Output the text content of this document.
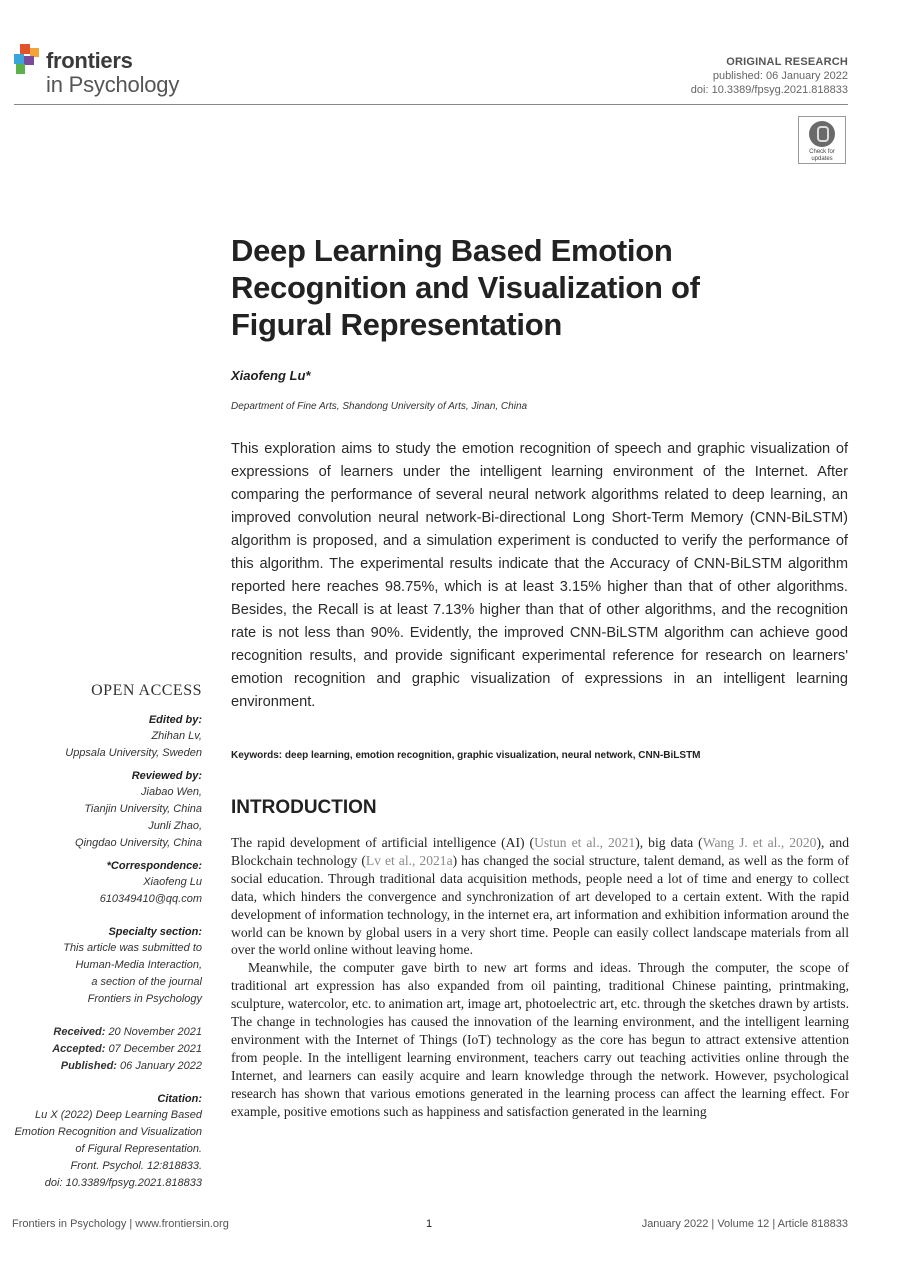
frontiers
in Psychology
ORIGINAL RESEARCH
published: 06 January 2022
doi: 10.3389/fpsyg.2021.818833
Check for updates
Deep Learning Based Emotion
Recognition and Visualization of
Figural Representation
Xiaofeng Lu*
Department of Fine Arts, Shandong University of Arts, Jinan, China

This exploration aims to study the emotion recognition of speech and graphic visualization of expressions of learners under the intelligent learning environment of the Internet. After comparing the performance of several neural network algorithms related to deep learning, an improved convolution neural network-Bi-directional Long Short-Term Memory (CNN-BiLSTM) algorithm is proposed, and a simulation experiment is conducted to verify the performance of this algorithm. The experimental results indicate that the Accuracy of CNN-BiLSTM algorithm reported here reaches 98.75%, which is at least 3.15% higher than that of other algorithms. Besides, the Recall is at least 7.13% higher than that of other algorithms, and the recognition rate is not less than 90%. Evidently, the improved CNN-BiLSTM algorithm can achieve good recognition results, and provide significant experimental reference for research on learners' emotion recognition and graphic visualization of expressions in an intelligent learning environment.

Keywords: deep learning, emotion recognition, graphic visualization, neural network, CNN-BiLSTM
OPEN ACCESS
Edited by:
Zhihan Lv,
Uppsala University, Sweden
Reviewed by:
Jiabao Wen,
Tianjin University, China
Junli Zhao,
Qingdao University, China
*Correspondence:
Xiaofeng Lu
610349410@qq.com
Specialty section:
This article was submitted to
Human-Media Interaction,
a section of the journal
Frontiers in Psychology
Received: 20 November 2021
Accepted: 07 December 2021
Published: 06 January 2022
Citation:
Lu X (2022) Deep Learning Based
Emotion Recognition and Visualization
of Figural Representation.
Front. Psychol. 12:818833.
doi: 10.3389/fpsyg.2021.818833
INTRODUCTION

The rapid development of artificial intelligence (AI) (Ustun et al., 2021), big data (Wang J. et al., 2020), and Blockchain technology (Lv et al., 2021a) has changed the social structure, talent demand, as well as the form of social education. Through traditional data acquisition methods, people need a lot of time and energy to collect data, which hinders the convergence and synchronization of art developed to a certain extent. With the rapid development of information technology, in the internet era, art information and exhibition information around the world can be known by global users in a very short time. People can easily collect landscape materials from all over the world online without leaving home.

Meanwhile, the computer gave birth to new art forms and ideas. Through the computer, the scope of traditional art expression has also expanded from oil painting, traditional Chinese painting, printmaking, sculpture, watercolor, etc. to animation art, image art, photoelectric art, etc. through the sketches drawn by artists. The change in technologies has caused the innovation of the learning environment, and the intelligent learning environment with the Internet of Things (IoT) technology as the core has begun to attract extensive attention from people. In the intelligent learning environment, teachers carry out teaching activities online through the Internet, and learners can easily acquire and learn knowledge through the network. However, psychological research has shown that various emotions generated in the learning process can affect the learning effect. For example, positive emotions such as happiness and satisfaction generated in the learning

Frontiers in Psychology | www.frontiersin.org	1	January 2022 | Volume 12 | Article 818833
